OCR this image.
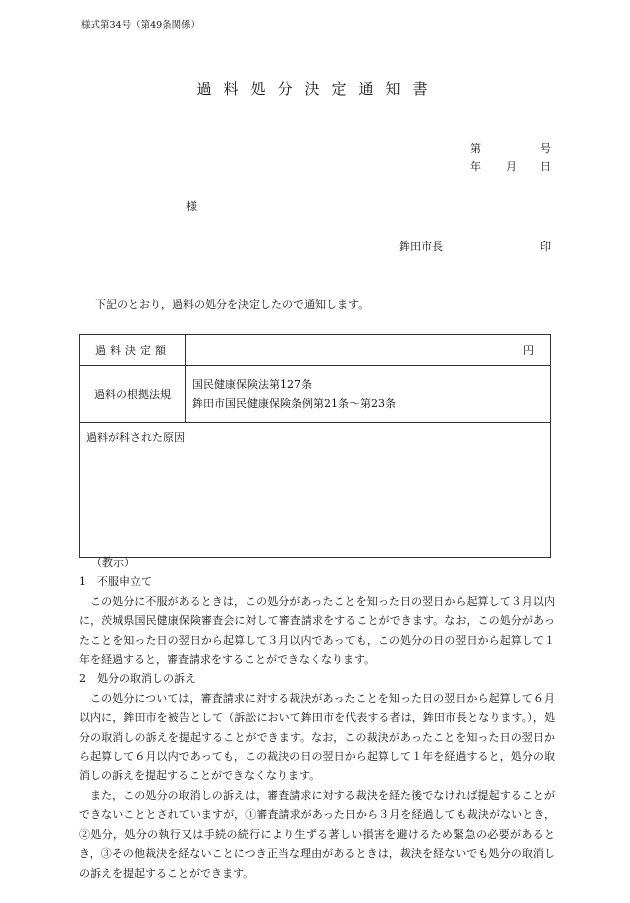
様式第34号（第49条関係）
過料処分決定通知書
第	号
年 月 日
様
鉾田市長	印
下記のとおり，過料の処分を決定したので通知します。
過料決定額	円
過料の根拠法規	国民健康保険法第127条
鉾田市国民健康保険条例第21条～第23条

過料が科された原因	

（教示）

1　不服申立て

この処分に不服があるときは，この処分があったことを知った日の翌日から起算して３月以内に，茨城県国民健康保険審査会に対して審査請求をすることができます。なお，この処分があったことを知った日の翌日から起算して３月以内であっても，この処分の日の翌日から起算して１年を経過すると，審査請求をすることができなくなります。

2　処分の取消しの訴え

この処分については，審査請求に対する裁決があったことを知った日の翌日から起算して６月以内に，鉾田市を被告として（訴訟において鉾田市を代表する者は，鉾田市長となります。），処分の取消しの訴えを提起することができます。なお，この裁決があったことを知った日の翌日から起算して６月以内であっても，この裁決の日の翌日から起算して１年を経過すると，処分の取消しの訴えを提起することができなくなります。

また，この処分の取消しの訴えは，審査請求に対する裁決を経た後でなければ提起することができないこととされていますが，①審査請求があった日から３月を経過しても裁決がないとき，②処分，処分の執行又は手続の続行により生ずる著しい損害を避けるため緊急の必要があるとき，③その他裁決を経ないことにつき正当な理由があるときは，裁決を経ないでも処分の取消しの訴えを提起することができます。
